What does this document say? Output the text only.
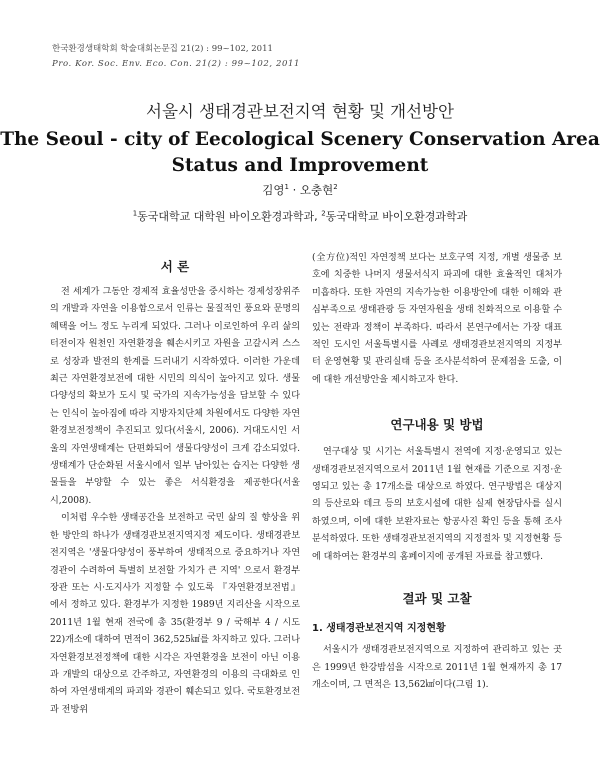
한국환경생태학회 학술대회논문집 21(2) : 99~102, 2011
Pro. Kor. Soc. Env. Eco. Con. 21(2) : 99~102, 2011
서울시 생태경관보전지역 현황 및 개선방안
The Seoul - city of Eecological Scenery Conservation Area Status and Improvement
김영$^1$ · 오충현$^2$
$^1$동국대학교 대학원 바이오환경과학과, $^2$동국대학교 바이오환경과학과
서 론

전 세계가 그동안 경제적 효율성만을 중시하는 경제성장위주의 개발과 자연을 이용함으로서 인류는 물질적인 풍요와 문명의 혜택을 어느 정도 누리게 되었다. 그러나 이로인하여 우리 삶의 터전이자 원천인 자연환경을 훼손시키고 자원을 고갈시켜 스스로 성장과 발전의 한계를 드러내기 시작하였다. 이러한 가운데 최근 자연환경보전에 대한 시민의 의식이 높아지고 있다. 생물다양성의 확보가 도시 및 국가의 지속가능성을 담보할 수 있다는 인식이 높아짐에 따라 지방자치단체 차원에서도 다양한 자연환경보전정책이 추진되고 있다(서울시, 2006). 거대도시인 서울의 자연생태계는 단편화되어 생물다양성이 크게 감소되었다. 생태계가 단순화된 서울시에서 일부 남아있는 습지는 다양한 생물들을 부양할 수 있는 좋은 서식환경을 제공한다(서울시,2008).

이처럼 우수한 생태공간을 보전하고 국민 삶의 질 향상을 위한 방안의 하나가 생태경관보전지역지정 제도이다. 생태경관보전지역은 '생물다양성이 풍부하여 생태적으로 중요하거나 자연경관이 수려하여 특별히 보전할 가치가 큰 지역' 으로서 환경부장관 또는 시·도지사가 지정할 수 있도록 『자연환경보전법』 에서 정하고 있다. 환경부가 지정한 1989년 지리산을 시작으로 2011년 1월 현재 전국에 총 35(환경부 9 / 국해부 4 / 시도 22)개소에 대하여 면적이 362,525㎢를 차지하고 있다. 그러나 자연환경보전정책에 대한 시각은 자연환경을 보전이 아닌 이용과 개발의 대상으로 간주하고, 자연환경의 이용의 극대화로 인하여 자연생태계의 파괴와 경관이 훼손되고 있다. 국토환경보전과 전방위

(全方位)적인 자연정책 보다는 보호구역 지정, 개별 생물종 보호에 치중한 나머지 생물서식지 파괴에 대한 효율적인 대처가 미흡하다. 또한 자연의 지속가능한 이용방안에 대한 이해와 관심부족으로 생태관광 등 자연자원을 생태 친화적으로 이용할 수 있는 전략과 정책이 부족하다. 따라서 본연구에서는 가장 대표적인 도시인 서울특별시를 사례로 생태경관보전지역의 지정부터 운영현황 및 관리실태 등을 조사분석하여 문제점을 도출, 이에 대한 개선방안을 제시하고자 한다.

연구내용 및 방법

연구대상 및 시기는 서울특별시 전역에 지정·운영되고 있는 생태경관보전지역으로서 2011년 1월 현재를 기준으로 지정·운영되고 있는 총 17개소를 대상으로 하였다. 연구방법은 대상지의 등산로와 데크 등의 보호시설에 대한 실제 현장답사를 실시하였으며, 이에 대한 보완자료는 항공사진 확인 등을 통해 조사분석하였다. 또한 생태경관보전지역의 지정절차 및 지정현황 등에 대하여는 환경부의 홈페이지에 공개된 자료를 참고했다.

결과 및 고찰
1. 생태경관보전지역 지정현황

서울시가 생태경관보전지역으로 지정하여 관리하고 있는 곳은 1999년 한강밤섬을 시작으로 2011년 1월 현재까지 총 17개소이며, 그 면적은 13,562㎢이다(그림 1).
